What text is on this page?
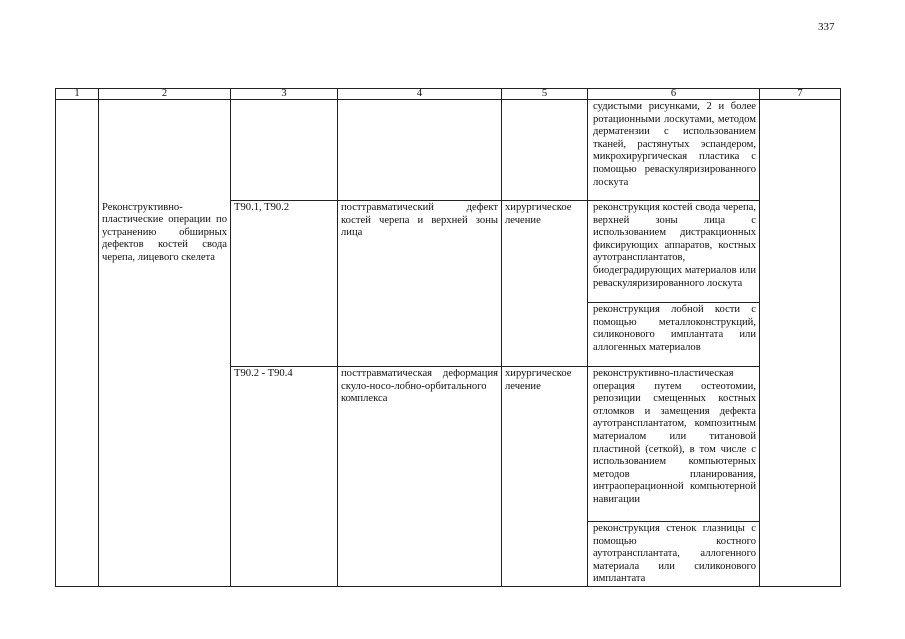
337
1	2	3	4	5	6	7
					судистыми рисунками, 2 и более ротационными лоскутами, методом дерматензии с использованием тканей, растянутых эспандером, микрохирургическая пластика с помощью реваскуляризированного лоскута	
	Реконструктивно-пластические операции по устранению обширных дефектов костей свода черепа, лицевого скелета	T90.1, T90.2	посттравматический дефект костей черепа и верхней зоны лица	хирургическое лечение	реконструкция костей свода черепа, верхней зоны лица с использованием дистракционных фиксирующих аппаратов, костных аутотрансплантатов, биодеградирующих материалов или реваскуляризированного лоскута	
					реконструкция лобной кости с помощью металлоконструкций, силиконового имплантата или аллогенных материалов	
		T90.2 - T90.4	посттравматическая деформация скуло-носо-лобно-орбитального комплекса	хирургическое лечение	реконструктивно-пластическая операция путем остеотомии, репозиции смещенных костных отломков и замещения дефекта аутотрансплантатом, композитным материалом или титановой пластиной (сеткой), в том числе с использованием компьютерных методов планирования, интраоперационной компьютерной навигации	
					реконструкция стенок глазницы с помощью костного аутотрансплантата, аллогенного материала или силиконового имплантата	
